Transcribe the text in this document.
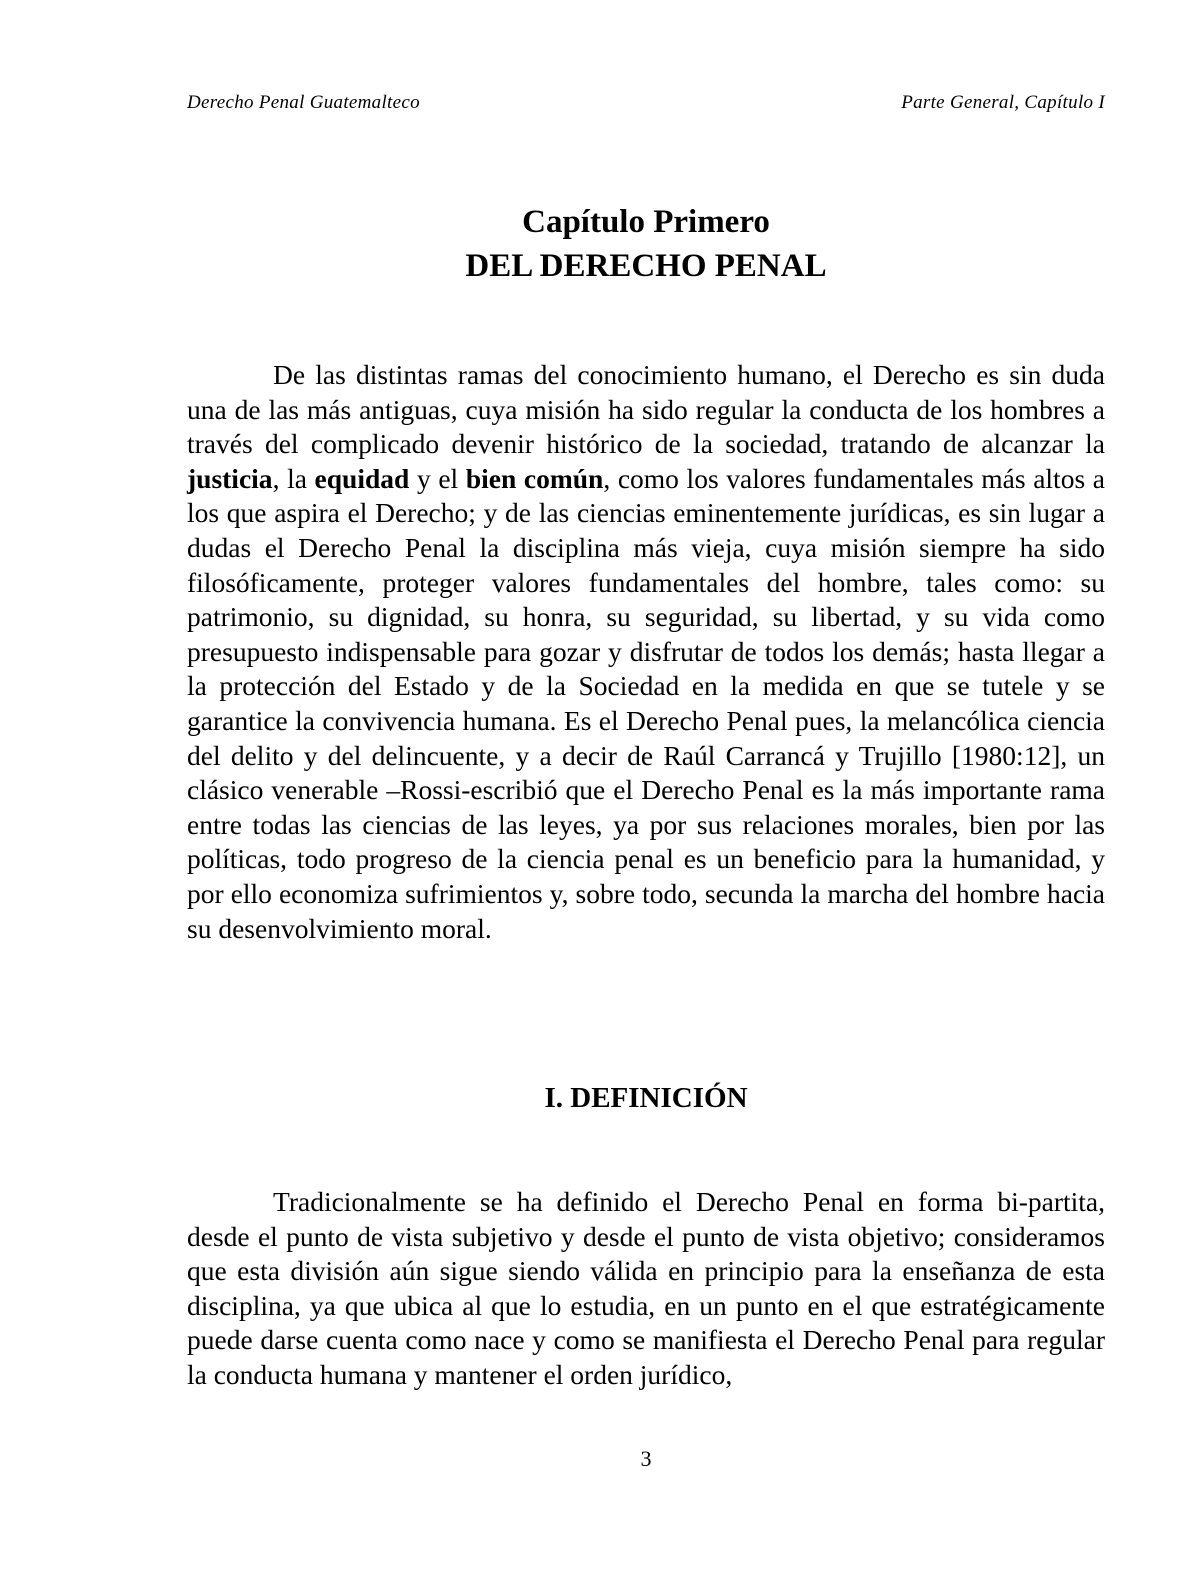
Derecho Penal Guatemalteco	Parte General, Capítulo I
Capítulo Primero
DEL DERECHO PENAL

De las distintas ramas del conocimiento humano, el Derecho es sin duda una de las más antiguas, cuya misión ha sido regular la conducta de los hombres a través del complicado devenir histórico de la sociedad, tratando de alcanzar la justicia, la equidad y el bien común, como los valores fundamentales más altos a los que aspira el Derecho; y de las ciencias eminentemente jurídicas, es sin lugar a dudas el Derecho Penal la disciplina más vieja, cuya misión siempre ha sido filosóficamente, proteger valores fundamentales del hombre, tales como: su patrimonio, su dignidad, su honra, su seguridad, su libertad, y su vida como presupuesto indispensable para gozar y disfrutar de todos los demás; hasta llegar a la protección del Estado y de la Sociedad en la medida en que se tutele y se garantice la convivencia humana. Es el Derecho Penal pues, la melancólica ciencia del delito y del delincuente, y a decir de Raúl Carrancá y Trujillo [1980:12], un clásico venerable –Rossi-escribió que el Derecho Penal es la más importante rama entre todas las ciencias de las leyes, ya por sus relaciones morales, bien por las políticas, todo progreso de la ciencia penal es un beneficio para la humanidad, y por ello economiza sufrimientos y, sobre todo, secunda la marcha del hombre hacia su desenvolvimiento moral.

I. DEFINICIÓN

Tradicionalmente se ha definido el Derecho Penal en forma bi-partita, desde el punto de vista subjetivo y desde el punto de vista objetivo; consideramos que esta división aún sigue siendo válida en principio para la enseñanza de esta disciplina, ya que ubica al que lo estudia, en un punto en el que estratégicamente puede darse cuenta como nace y como se manifiesta el Derecho Penal para regular la conducta humana y mantener el orden jurídico,

3
